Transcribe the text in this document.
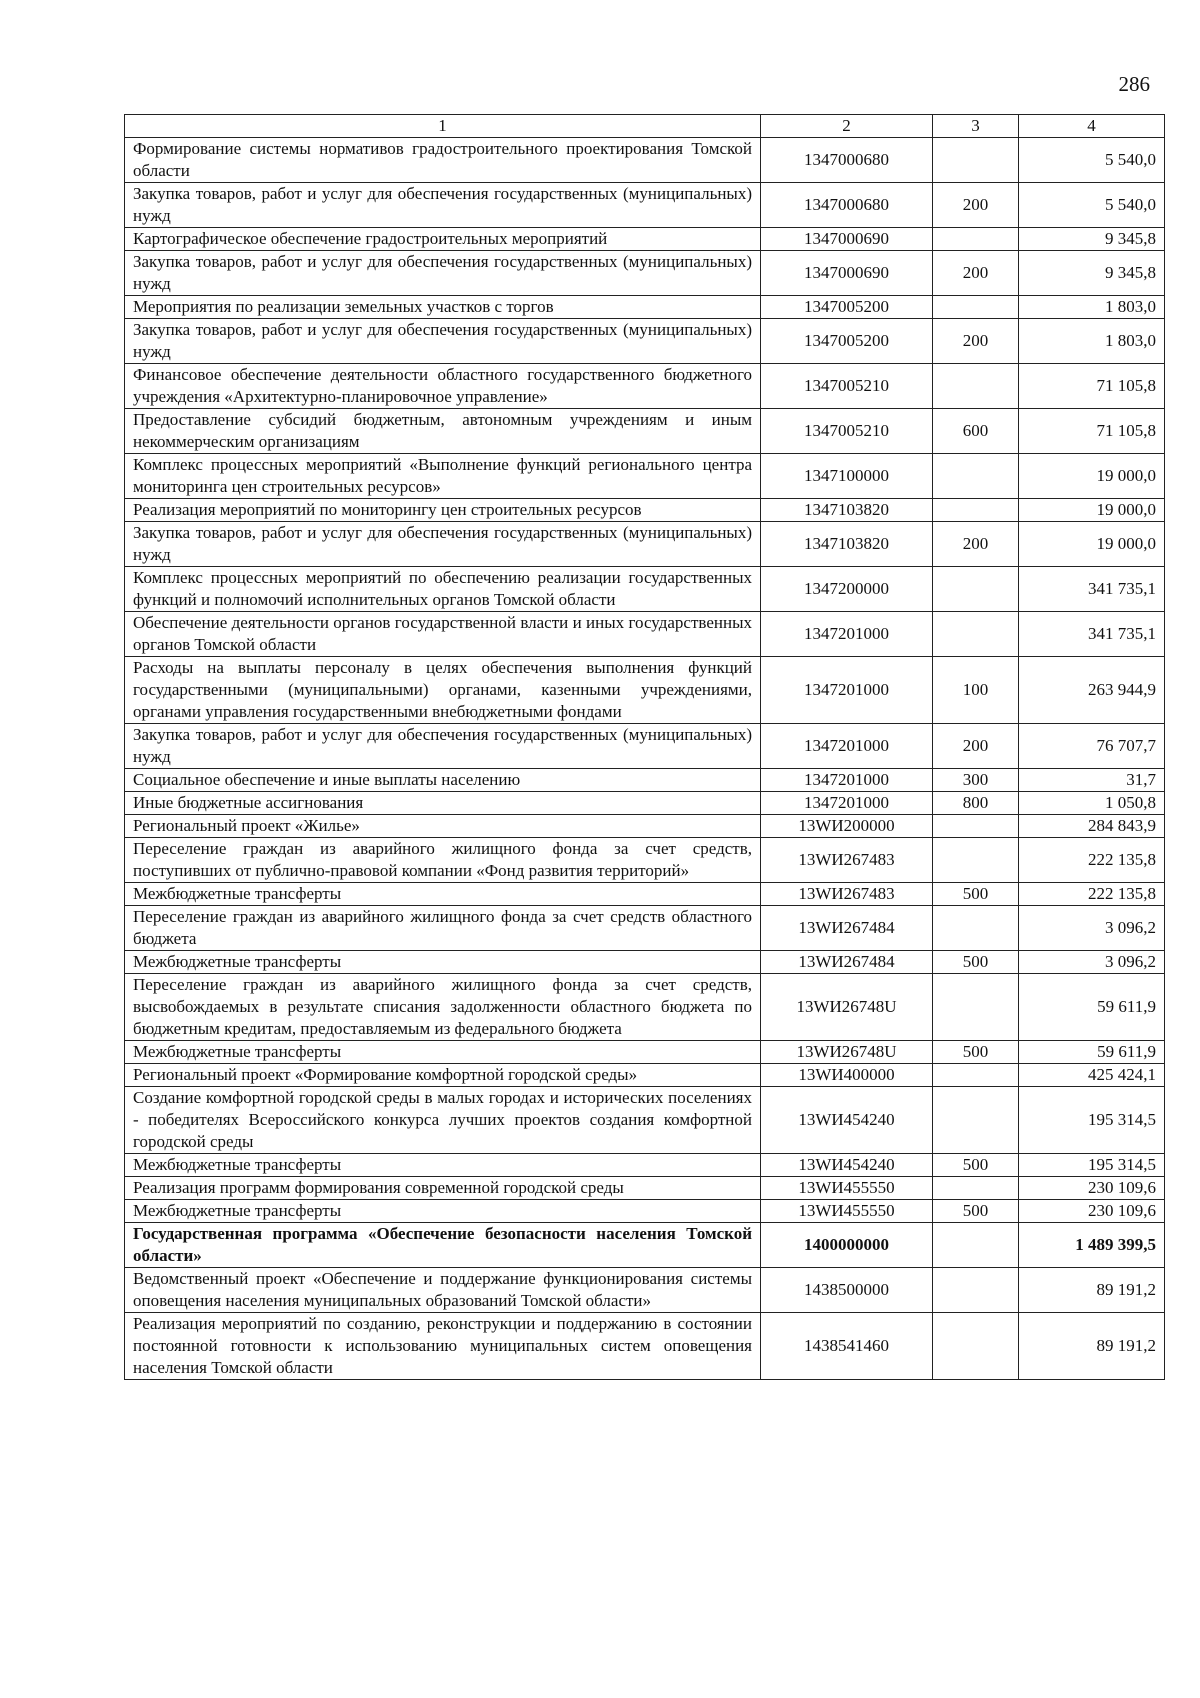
286
1	2	3	4
Формирование системы нормативов градостроительного проектирования Томской области	1347000680		5 540,0
Закупка товаров, работ и услуг для обеспечения государственных (муниципальных) нужд	1347000680	200	5 540,0
Картографическое обеспечение градостроительных мероприятий	1347000690		9 345,8
Закупка товаров, работ и услуг для обеспечения государственных (муниципальных) нужд	1347000690	200	9 345,8
Мероприятия по реализации земельных участков с торгов	1347005200		1 803,0
Закупка товаров, работ и услуг для обеспечения государственных (муниципальных) нужд	1347005200	200	1 803,0
Финансовое обеспечение деятельности областного государственного бюджетного учреждения «Архитектурно-планировочное управление»	1347005210		71 105,8
Предоставление субсидий бюджетным, автономным учреждениям и иным некоммерческим организациям	1347005210	600	71 105,8
Комплекс процессных мероприятий «Выполнение функций регионального центра мониторинга цен строительных ресурсов»	1347100000		19 000,0
Реализация мероприятий по мониторингу цен строительных ресурсов	1347103820		19 000,0
Закупка товаров, работ и услуг для обеспечения государственных (муниципальных) нужд	1347103820	200	19 000,0
Комплекс процессных мероприятий по обеспечению реализации государственных функций и полномочий исполнительных органов Томской области	1347200000		341 735,1
Обеспечение деятельности органов государственной власти и иных государственных органов Томской области	1347201000		341 735,1
Расходы на выплаты персоналу в целях обеспечения выполнения функций государственными (муниципальными) органами, казенными учреждениями, органами управления государственными внебюджетными фондами	1347201000	100	263 944,9
Закупка товаров, работ и услуг для обеспечения государственных (муниципальных) нужд	1347201000	200	76 707,7
Социальное обеспечение и иные выплаты населению	1347201000	300	31,7
Иные бюджетные ассигнования	1347201000	800	1 050,8
Региональный проект «Жилье»	13WИ200000		284 843,9
Переселение граждан из аварийного жилищного фонда за счет средств, поступивших от публично-правовой компании «Фонд развития территорий»	13WИ267483		222 135,8
Межбюджетные трансферты	13WИ267483	500	222 135,8
Переселение граждан из аварийного жилищного фонда за счет средств областного бюджета	13WИ267484		3 096,2
Межбюджетные трансферты	13WИ267484	500	3 096,2
Переселение граждан из аварийного жилищного фонда за счет средств, высвобождаемых в результате списания задолженности областного бюджета по бюджетным кредитам, предоставляемым из федерального бюджета	13WИ26748U		59 611,9
Межбюджетные трансферты	13WИ26748U	500	59 611,9
Региональный проект «Формирование комфортной городской среды»	13WИ400000		425 424,1
Создание комфортной городской среды в малых городах и исторических поселениях - победителях Всероссийского конкурса лучших проектов создания комфортной городской среды	13WИ454240		195 314,5
Межбюджетные трансферты	13WИ454240	500	195 314,5
Реализация программ формирования современной городской среды	13WИ455550		230 109,6
Межбюджетные трансферты	13WИ455550	500	230 109,6
Государственная программа «Обеспечение безопасности населения Томской области»	1400000000		1 489 399,5
Ведомственный проект «Обеспечение и поддержание функционирования системы оповещения населения муниципальных образований Томской области»	1438500000		89 191,2
Реализация мероприятий по созданию, реконструкции и поддержанию в состоянии постоянной готовности к использованию муниципальных систем оповещения населения Томской области	1438541460		89 191,2
